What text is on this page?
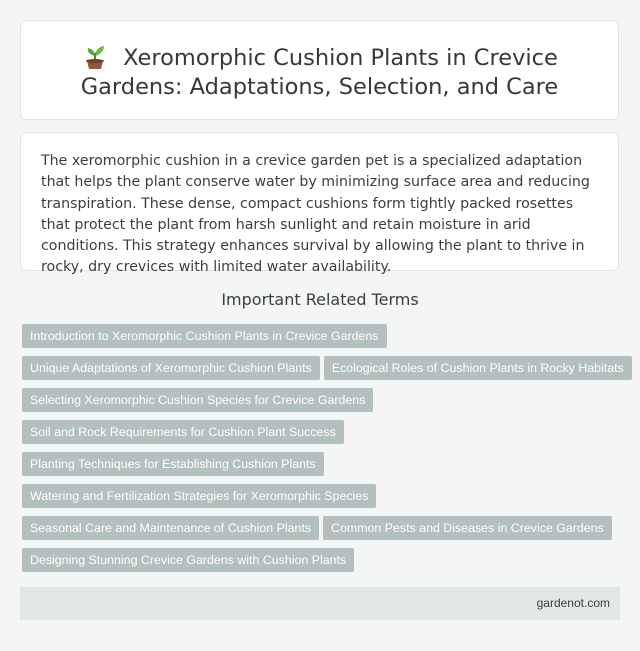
Xeromorphic Cushion Plants in Crevice Gardens: Adaptations, Selection, and Care

The xeromorphic cushion in a crevice garden pet is a specialized adaptation that helps the plant conserve water by minimizing surface area and reducing transpiration. These dense, compact cushions form tightly packed rosettes that protect the plant from harsh sunlight and retain moisture in arid conditions. This strategy enhances survival by allowing the plant to thrive in rocky, dry crevices with limited water availability.

Important Related Terms
Introduction to Xeromorphic Cushion Plants in Crevice Gardens
Unique Adaptations of Xeromorphic Cushion Plants Ecological Roles of Cushion Plants in Rocky Habitats
Selecting Xeromorphic Cushion Species for Crevice Gardens
Soil and Rock Requirements for Cushion Plant Success
Planting Techniques for Establishing Cushion Plants
Watering and Fertilization Strategies for Xeromorphic Species
Seasonal Care and Maintenance of Cushion Plants Common Pests and Diseases in Crevice Gardens
Designing Stunning Crevice Gardens with Cushion Plants
gardenot.com
